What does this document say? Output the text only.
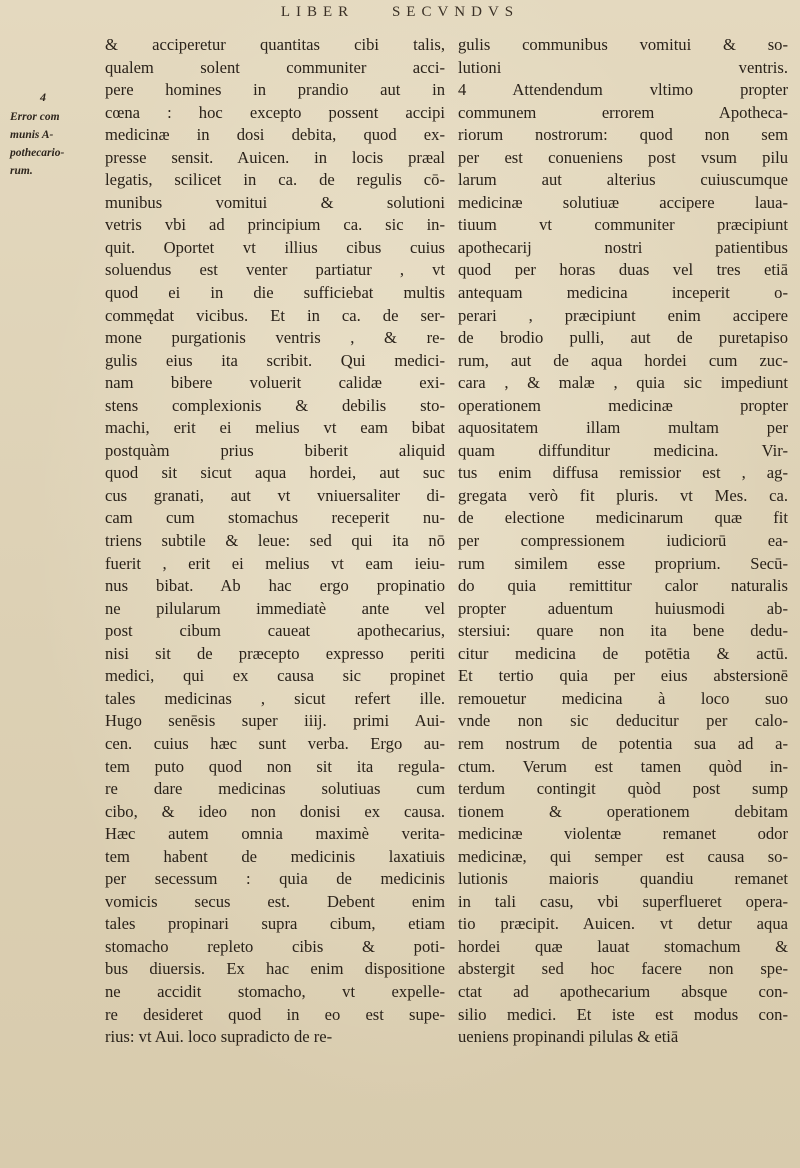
LIBER	SECVNDVS
4
Error com
munis A-
pothecario-
rum.
& acciperetur quantitas cibi talis,
qualem solent communiter acci-
pere homines in prandio aut in
cœna : hoc excepto possent accipi
medicinæ in dosi debita, quod ex-
presse sensit. Auicen. in locis præal
legatis, scilicet in ca. de regulis cō-
munibus vomitui & solutioni
vetris vbi ad principium ca. sic in-
quit. Oportet vt illius cibus cuius
soluendus est venter partiatur , vt
quod ei in die sufficiebat multis
commędat vicibus. Et in ca. de ser-
mone purgationis ventris , & re-
gulis eius ita scribit. Qui medici-
nam bibere voluerit calidæ exi-
stens complexionis & debilis sto-
machi, erit ei melius vt eam bibat
postquàm prius biberit aliquid
quod sit sicut aqua hordei, aut suc
cus granati, aut vt vniuersaliter di-
cam cum stomachus receperit nu-
triens subtile & leue: sed qui ita nō
fuerit , erit ei melius vt eam ieiu-
nus bibat. Ab hac ergo propinatio
ne pilularum immediatè ante vel
post cibum caueat apothecarius,
nisi sit de præcepto expresso periti
medici, qui ex causa sic propinet
tales medicinas , sicut refert ille.
Hugo senēsis super iiij. primi Aui-
cen. cuius hæc sunt verba. Ergo au-
tem puto quod non sit ita regula-
re dare medicinas solutiuas cum
cibo, & ideo non donisi ex causa.
Hæc autem omnia maximè verita-
tem habent de medicinis laxatiuis
per secessum : quia de medicinis
vomicis secus est. Debent enim
tales propinari supra cibum, etiam
stomacho repleto cibis & poti-
bus diuersis. Ex hac enim dispositione
ne accidit stomacho, vt expelle-
re desideret quod in eo est supe-
rius: vt Aui. loco supradicto de re-
gulis communibus vomitui & so-
lutioni ventris.
4 Attendendum vltimo propter
communem errorem Apotheca-
riorum nostrorum: quod non sem
per est conueniens post vsum pilu
larum aut alterius cuiuscumque
medicinæ solutiuæ accipere laua-
tiuum vt communiter præcipiunt
apothecarij nostri patientibus
quod per horas duas vel tres etiā
antequam medicina inceperit o-
perari , præcipiunt enim accipere
de brodio pulli, aut de puretapiso
rum, aut de aqua hordei cum zuc-
cara , & malæ , quia sic impediunt
operationem medicinæ propter
aquositatem illam multam per
quam diffunditur medicina. Vir-
tus enim diffusa remissior est , ag-
gregata verò fit pluris. vt Mes. ca.
de electione medicinarum quæ fit
per compressionem iudiciorū ea-
rum similem esse proprium. Secū-
do quia remittitur calor naturalis
propter aduentum huiusmodi ab-
stersiui: quare non ita bene dedu-
citur medicina de potētia & actū.
Et tertio quia per eius abstersionē
remouetur medicina à loco suo
vnde non sic deducitur per calo-
rem nostrum de potentia sua ad a-
ctum. Verum est tamen quòd in-
terdum contingit quòd post sump
tionem & operationem debitam
medicinæ violentæ remanet odor
medicinæ, qui semper est causa so-
lutionis maioris quandiu remanet
in tali casu, vbi superflueret opera-
tio præcipit. Auicen. vt detur aqua
hordei quæ lauat stomachum &
abstergit sed hoc facere non spe-
ctat ad apothecarium absque con-
silio medici. Et iste est modus con-
ueniens propinandi pilulas & etiā
